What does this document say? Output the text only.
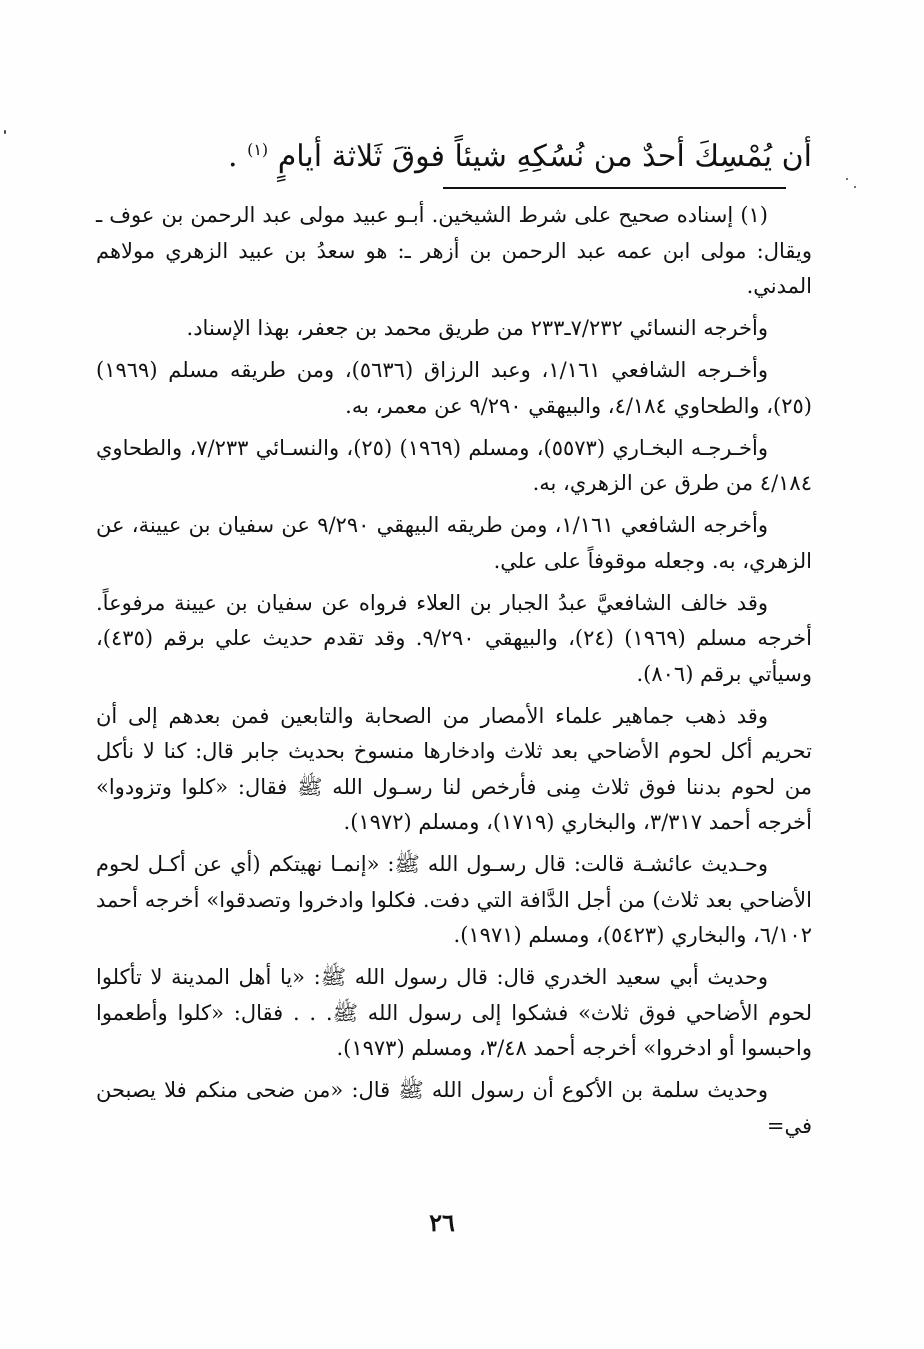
أن يُمْسِكَ أحدٌ من نُسُكِهِ شيئاً فوقَ ثَلاثة أيامٍ $^{(١)}$ .

(١) إسناده صحيح على شرط الشيخين. أبـو عبيد مولى عبد الرحمن بن عوف ـ ويقال: مولى ابن عمه عبد الرحمن بن أزهر ـ: هو سعدُ بن عبيد الزهري مولاهم المدني.

وأخرجه النسائي ٧/٢٣٢ـ٢٣٣ من طريق محمد بن جعفر، بهذا الإسناد.

وأخـرجه الشافعي ١/١٦١، وعبد الرزاق (٥٦٣٦)، ومن طريقه مسلم (١٩٦٩) (٢٥)، والطحاوي ٤/١٨٤، والبيهقي ٩/٢٩٠ عن معمر، به.

وأخـرجـه البخـاري (٥٥٧٣)، ومسلم (١٩٦٩) (٢٥)، والنسـائي ٧/٢٣٣، والطحاوي ٤/١٨٤ من طرق عن الزهري، به.

وأخرجه الشافعي ١/١٦١، ومن طريقه البيهقي ٩/٢٩٠ عن سفيان بن عيينة، عن الزهري، به. وجعله موقوفاً على علي.

وقد خالف الشافعيَّ عبدُ الجبار بن العلاء فرواه عن سفيان بن عيينة مرفوعاً. أخرجه مسلم (١٩٦٩) (٢٤)، والبيهقي ٩/٢٩٠. وقد تقدم حديث علي برقم (٤٣٥)، وسيأتي برقم (٨٠٦).

وقد ذهب جماهير علماء الأمصار من الصحابة والتابعين فمن بعدهم إلى أن تحريم أكل لحوم الأضاحي بعد ثلاث وادخارها منسوخ بحديث جابر قال: كنا لا نأكل من لحوم بدننا فوق ثلاث مِنى فأرخص لنا رسـول الله ﷺ فقال: «كلوا وتزودوا» أخرجه أحمد ٣/٣١٧، والبخاري (١٧١٩)، ومسلم (١٩٧٢).

وحـديث عائشـة قالت: قال رسـول الله ﷺ: «إنمـا نهيتكم (أي عن أكـل لحوم الأضاحي بعد ثلاث) من أجل الدَّافة التي دفت. فكلوا وادخروا وتصدقوا» أخرجه أحمد ٦/١٠٢، والبخاري (٥٤٢٣)، ومسلم (١٩٧١).

وحديث أبي سعيد الخدري قال: قال رسول الله ﷺ: «يا أهل المدينة لا تأكلوا لحوم الأضاحي فوق ثلاث» فشكوا إلى رسول الله ﷺ. . . فقال: «كلوا وأطعموا واحبسوا أو ادخروا» أخرجه أحمد ٣/٤٨، ومسلم (١٩٧٣).

وحديث سلمة بن الأكوع أن رسول الله ﷺ قال: «من ضحى منكم فلا يصبحن في=

٢٦
